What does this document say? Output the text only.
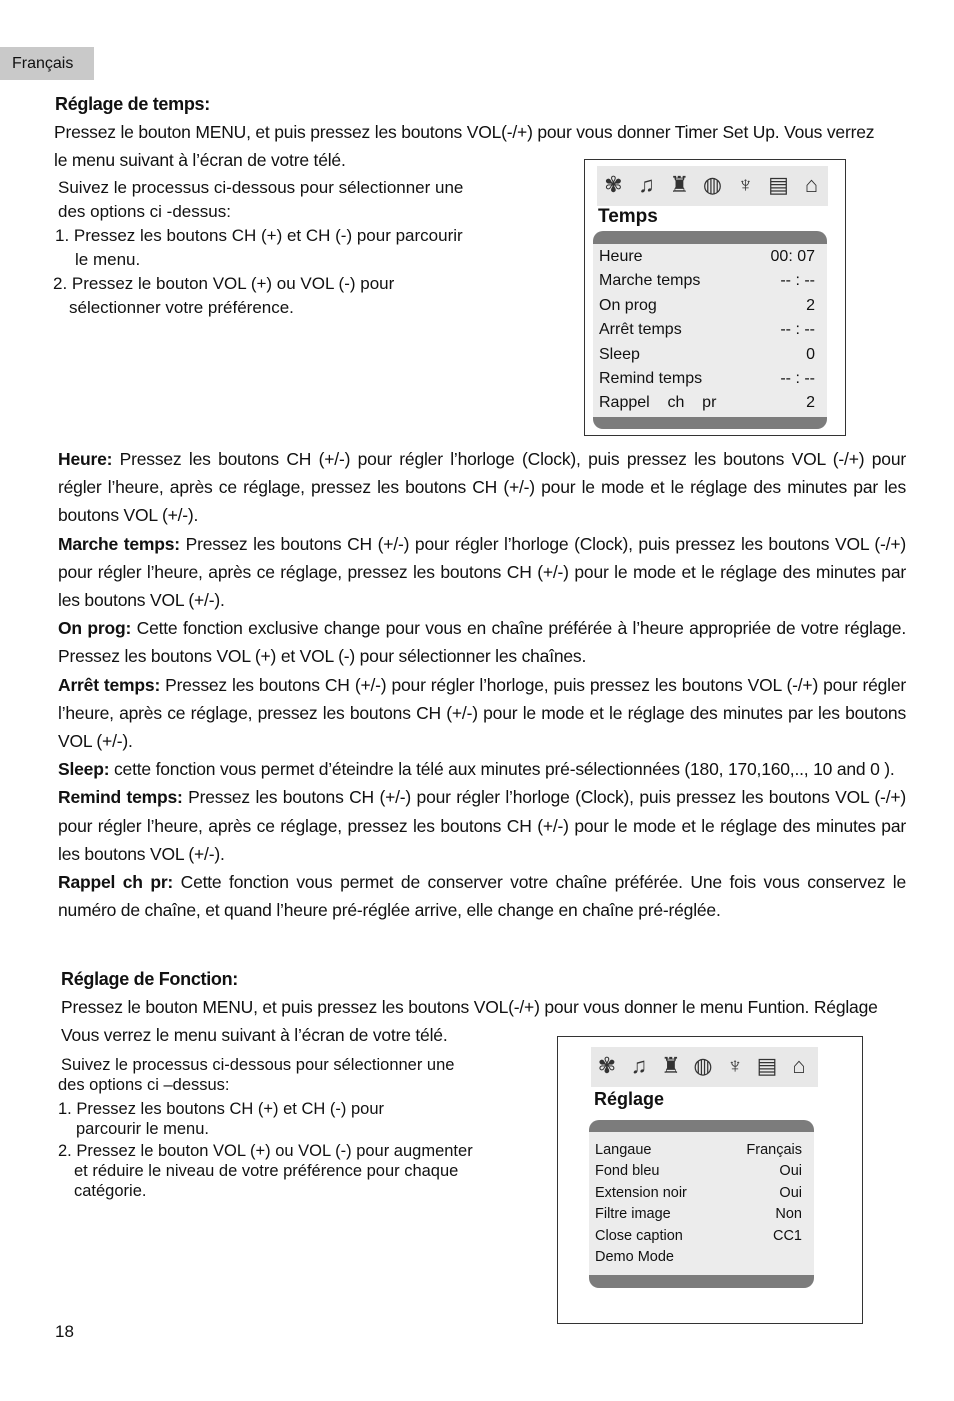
Français
Réglage de temps:
Pressez le bouton MENU, et puis pressez les boutons VOL(-/+) pour vous donner Timer Set Up. Vous verrez
le menu suivant à l’écran de votre télé.
Suivez le processus ci-dessous pour sélectionner une
des options ci -dessus:
1. Pressez les boutons CH (+) et CH (-) pour parcourir
le menu.
2. Pressez le bouton VOL (+) ou VOL (-) pour
sélectionner votre préférence.
✾ ♫ ♜ ◍ ♆ ▤ ⌂
Temps
Heure	00: 07
Marche temps	-- : --
On prog	2
Arrêt temps	-- : --
Sleep	0
Remind temps	-- : --
Rappel    ch    pr	2

Heure: Pressez les boutons CH (+/-) pour régler l’horloge (Clock), puis pressez les boutons VOL (-/+) pour régler l’heure, après ce réglage, pressez les boutons CH (+/-) pour le mode et le réglage des minutes par les boutons VOL (+/-).

Marche temps: Pressez les boutons CH (+/-) pour régler l’horloge (Clock), puis pressez les boutons VOL (-/+) pour régler l’heure, après ce réglage, pressez les boutons CH (+/-) pour le mode et le réglage des minutes par les boutons VOL (+/-).

On prog: Cette fonction exclusive change pour vous en chaîne préférée à l’heure appropriée de votre réglage. Pressez les boutons VOL (+) et VOL (-) pour sélectionner les chaînes.

Arrêt temps: Pressez les boutons CH (+/-) pour régler l’horloge, puis pressez les boutons VOL (-/+) pour régler l’heure, après ce réglage, pressez les boutons CH (+/-) pour le mode et le réglage des minutes par les boutons VOL (+/-).

Sleep: cette fonction vous permet d’éteindre la télé aux minutes pré-sélectionnées (180, 170,160,.., 10 and 0 ).

Remind temps: Pressez les boutons CH (+/-) pour régler l’horloge (Clock), puis pressez les boutons VOL (-/+) pour régler l’heure, après ce réglage, pressez les boutons CH (+/-) pour le mode et le réglage des minutes par les boutons VOL (+/-).

Rappel ch pr: Cette fonction vous permet de conserver votre chaîne préférée. Une fois vous conservez le numéro de chaîne, et quand l’heure pré-réglée arrive, elle change en chaîne pré-réglée.

Réglage de Fonction:
Pressez le bouton MENU, et puis pressez les boutons VOL(-/+) pour vous donner le menu Funtion. Réglage
Vous verrez le menu suivant à l’écran de votre télé.
Suivez le processus ci-dessous pour sélectionner une
des options ci –dessus:
1. Pressez les boutons CH (+) et CH (-) pour
parcourir le menu.
2. Pressez le bouton VOL (+) ou VOL (-) pour augmenter
et réduire le niveau de votre préférence pour chaque
catégorie.
✾ ♫ ♜ ◍ ♆ ▤ ⌂
Réglage
Langaue	Français
Fond bleu	Oui
Extension noir	Oui
Filtre image	Non
Close caption	CC1
Demo Mode
18
